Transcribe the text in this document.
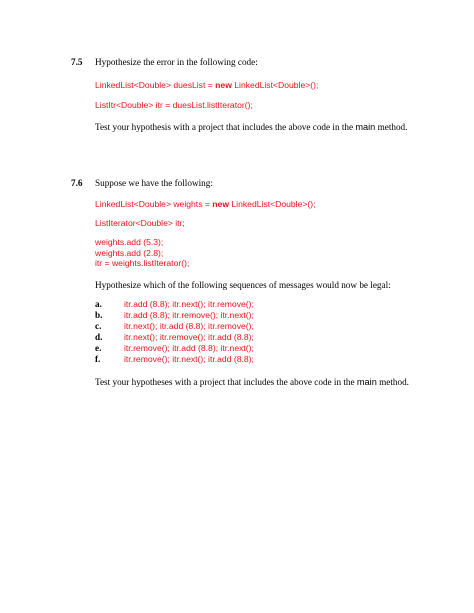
7.5 Hypothesize the error in the following code:
LinkedList<Double> duesList = new LinkedList<Double>();
ListItr<Double> itr = duesList.listIterator();
Test your hypothesis with a project that includes the above code in the main method.
7.6 Suppose we have the following:
LinkedList<Double> weights = new LinkedList<Double>();
ListIterator<Double> itr;
weights.add (5.3);
weights.add (2.8);
itr = weights.listIterator();
Hypothesize which of the following sequences of messages would now be legal:
a.	itr.add (8.8); itr.next(); itr.remove();
b.	itr.add (8.8); itr.remove(); itr.next();
c.	itr.next(); itr.add (8.8); itr.remove();
d.	itr.next(); itr.remove(); itr.add (8.8);
e.	itr.remove(); itr.add (8.8); itr.next();
f.	itr.remove(); itr.next(); itr.add (8.8);
Test your hypotheses with a project that includes the above code in the main method.
